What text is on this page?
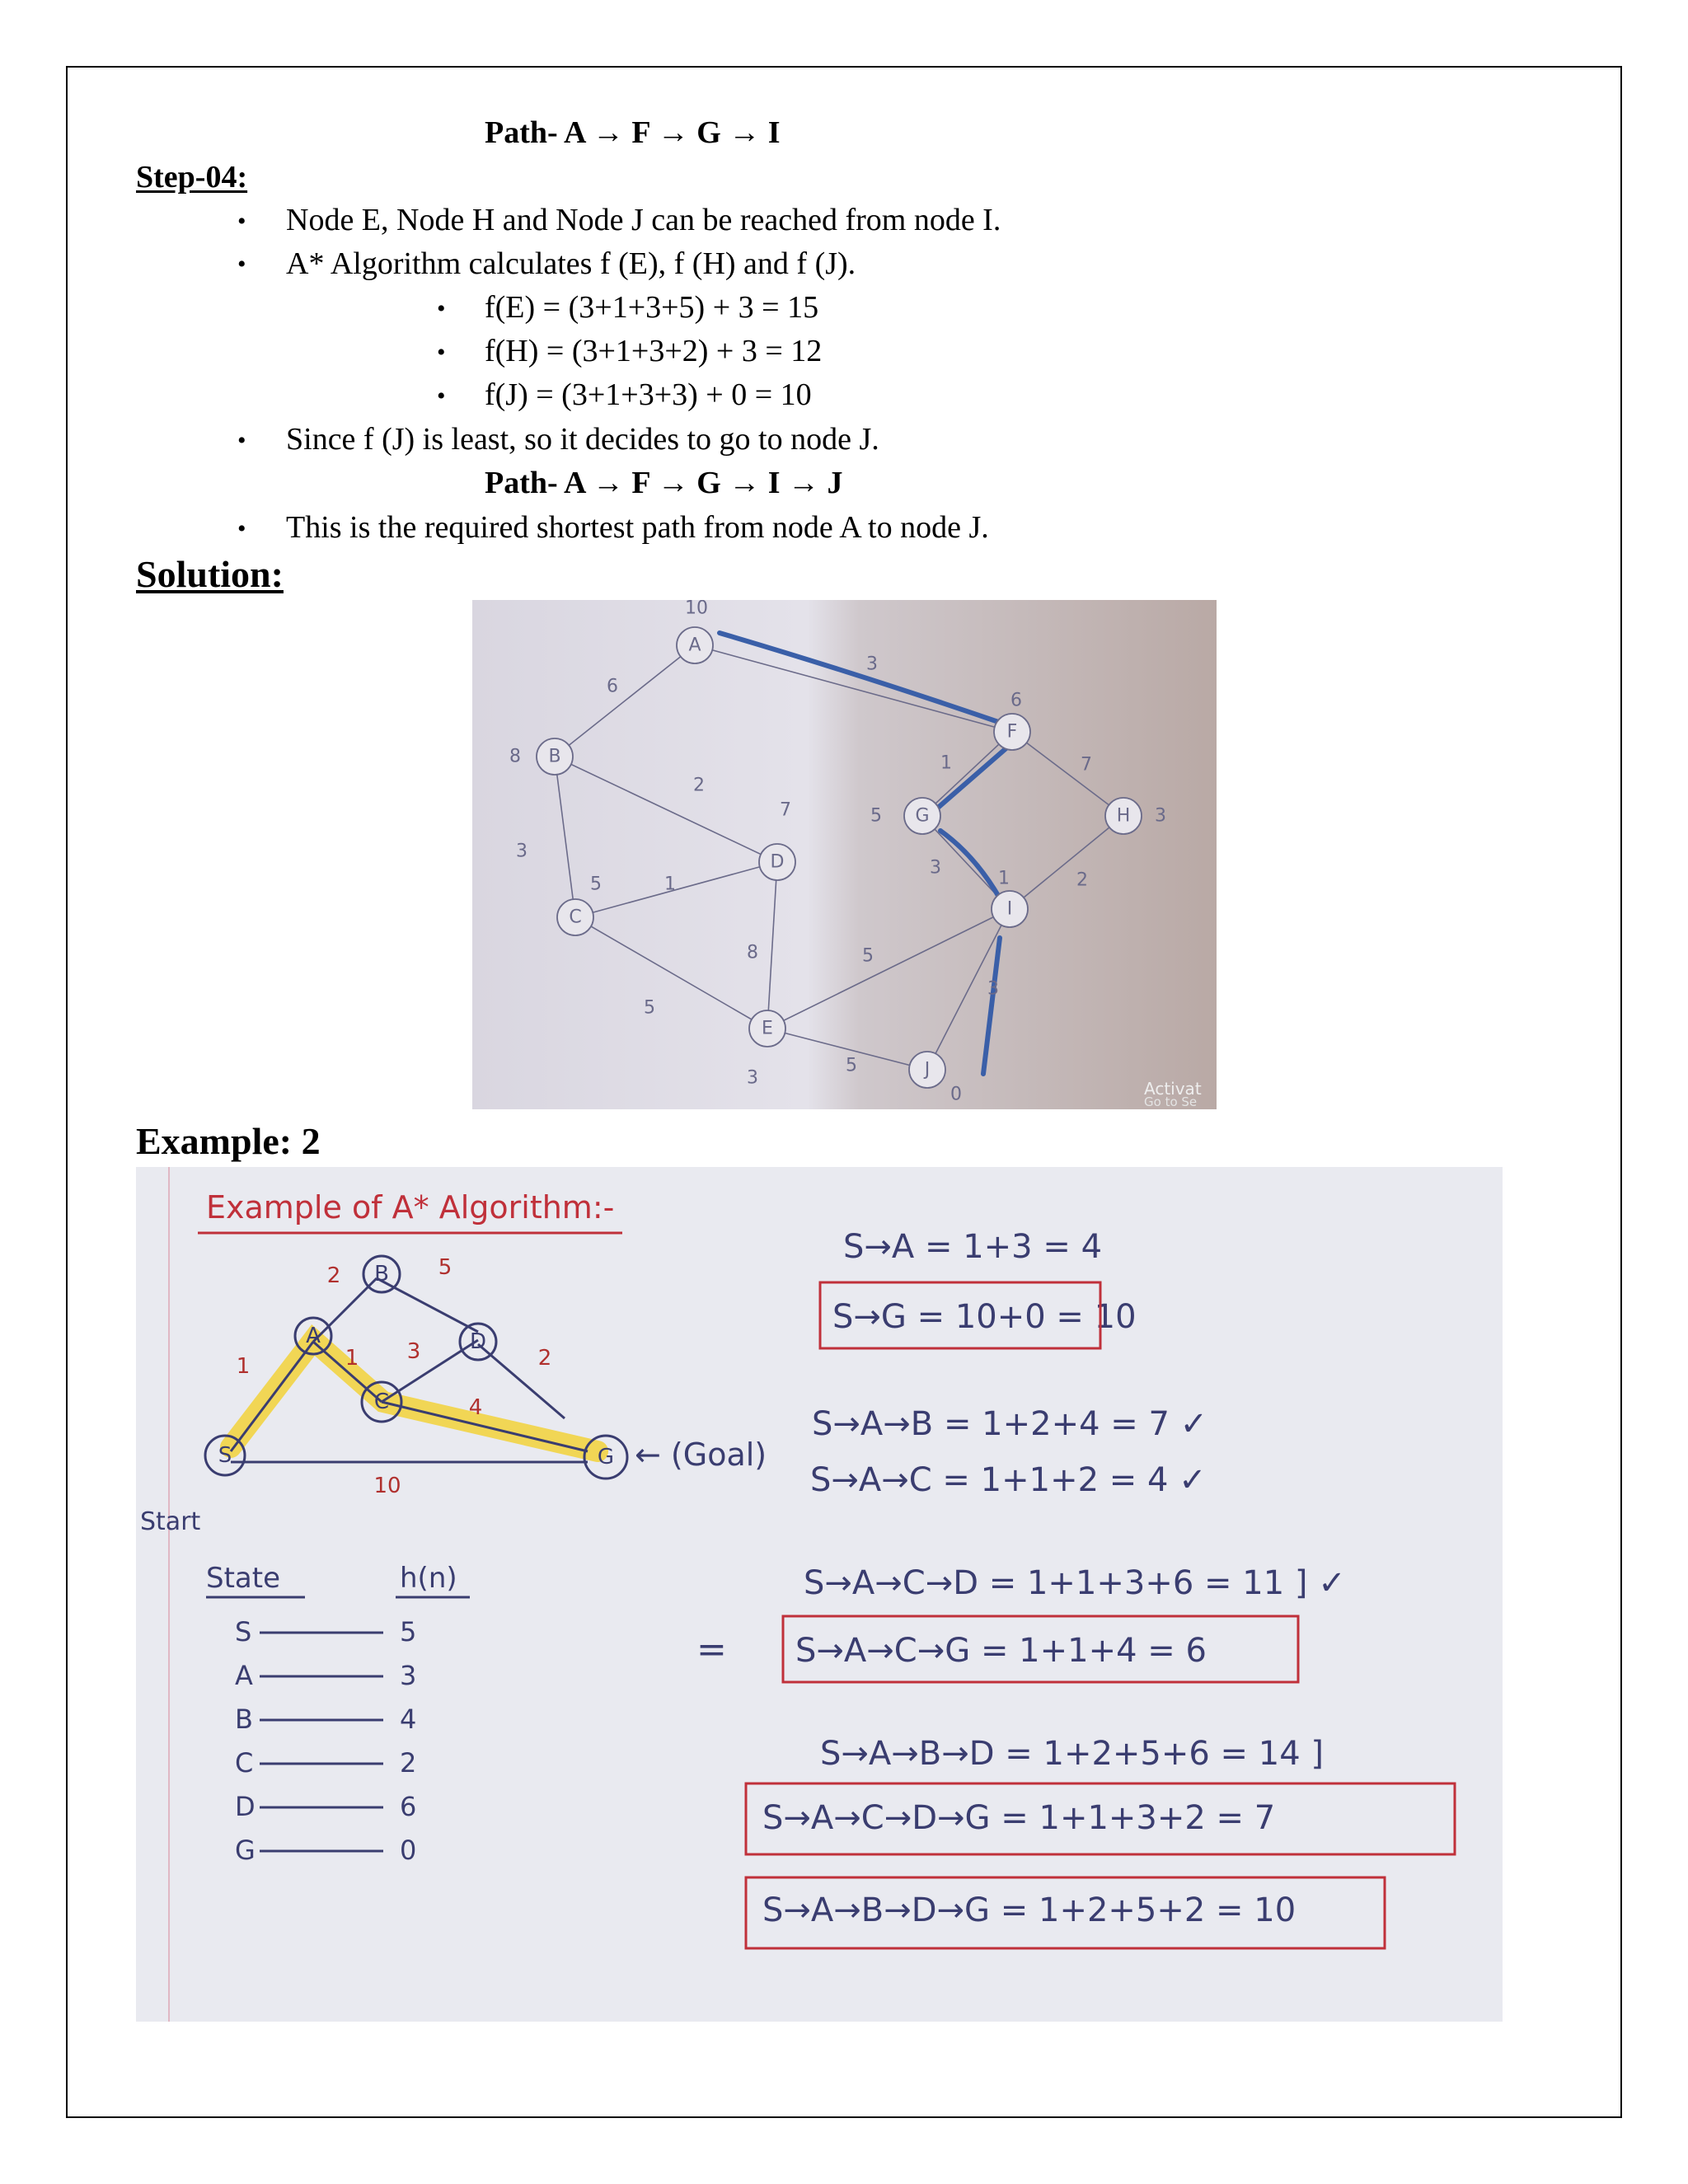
Path- A → F → G → I
Step-04:
• Node E, Node H and Node J can be reached from node I.
• A* Algorithm calculates f (E), f (H) and f (J).
• f(E) = (3+1+3+5) + 3 = 15
• f(H) = (3+1+3+2) + 3 = 12
• f(J) = (3+1+3+3) + 0 = 10
• Since f (J) is least, so it decides to go to node J.
Path- A → F → G → I → J
• This is the required shortest path from node A to node J.
Solution:
A
B
C
D
E
F
G	H
I
J
10
8
5
7
3
6
5	3
1
0
6
3
3
2
1
8
5
3
1	7
2
5
3
5
Activat
Go to Se
Example: 2
Example of A* Algorithm:-
S
A
B
C
D
G
1
2	5
1 3	2
4
10
Start
← (Goal)
State	h(n)
S	5
A	3
B	4
C	2
D	6
G	0
S→A = 1+3 = 4
S→G = 10+0 = 10
S→A→B = 1+2+4 = 7 ✓
S→A→C = 1+1+2 = 4 ✓
S→A→C→D = 1+1+3+6 = 11 ] ✓
S→A→C→G = 1+1+4 = 6
S→A→B→D = 1+2+5+6 = 14 ]
S→A→C→D→G = 1+1+3+2 = 7
S→A→B→D→G = 1+2+5+2 = 10
=
